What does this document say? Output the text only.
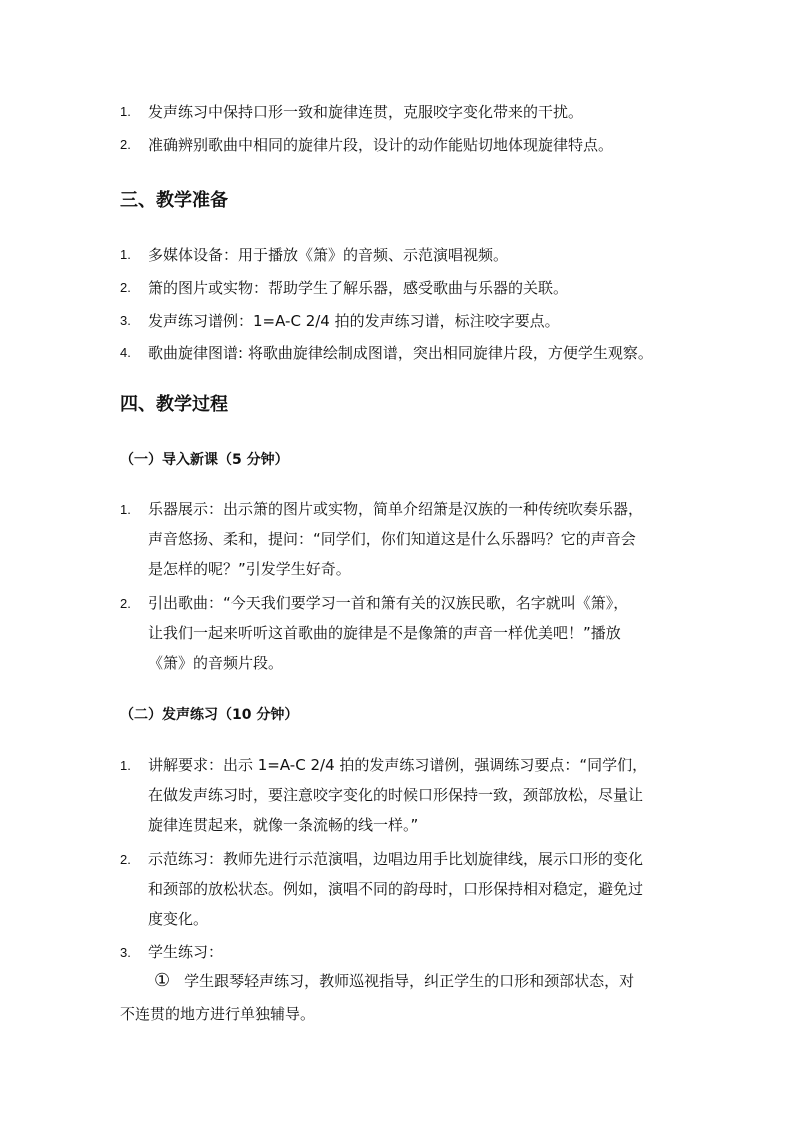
1. 发声练习中保持口形一致和旋律连贯，克服咬字变化带来的干扰。
2. 准确辨别歌曲中相同的旋律片段，设计的动作能贴切地体现旋律特点。
三、教学准备
1. 多媒体设备：用于播放《箫》的音频、示范演唱视频。
2. 箫的图片或实物：帮助学生了解乐器，感受歌曲与乐器的关联。
3. 发声练习谱例：1=A-C 2/4 拍的发声练习谱，标注咬字要点。
4. 歌曲旋律图谱: 将歌曲旋律绘制成图谱，突出相同旋律片段，方便学生观察。
四、教学过程
（一）导入新课（5 分钟）
1. 乐器展示：出示箫的图片或实物，简单介绍箫是汉族的一种传统吹奏乐器，
声音悠扬、柔和，提问：“同学们，你们知道这是什么乐器吗？它的声音会
是怎样的呢？”引发学生好奇。
2. 引出歌曲：“今天我们要学习一首和箫有关的汉族民歌，名字就叫《箫》，
让我们一起来听听这首歌曲的旋律是不是像箫的声音一样优美吧！”播放
《箫》的音频片段。
（二）发声练习（10 分钟）
1. 讲解要求：出示 1=A-C 2/4 拍的发声练习谱例，强调练习要点：“同学们，
在做发声练习时，要注意咬字变化的时候口形保持一致，颈部放松，尽量让
旋律连贯起来，就像一条流畅的线一样。”
2. 示范练习：教师先进行示范演唱，边唱边用手比划旋律线，展示口形的变化
和颈部的放松状态。例如，演唱不同的韵母时，口形保持相对稳定，避免过
度变化。
3. 学生练习：
① 学生跟琴轻声练习，教师巡视指导，纠正学生的口形和颈部状态，对
不连贯的地方进行单独辅导。
